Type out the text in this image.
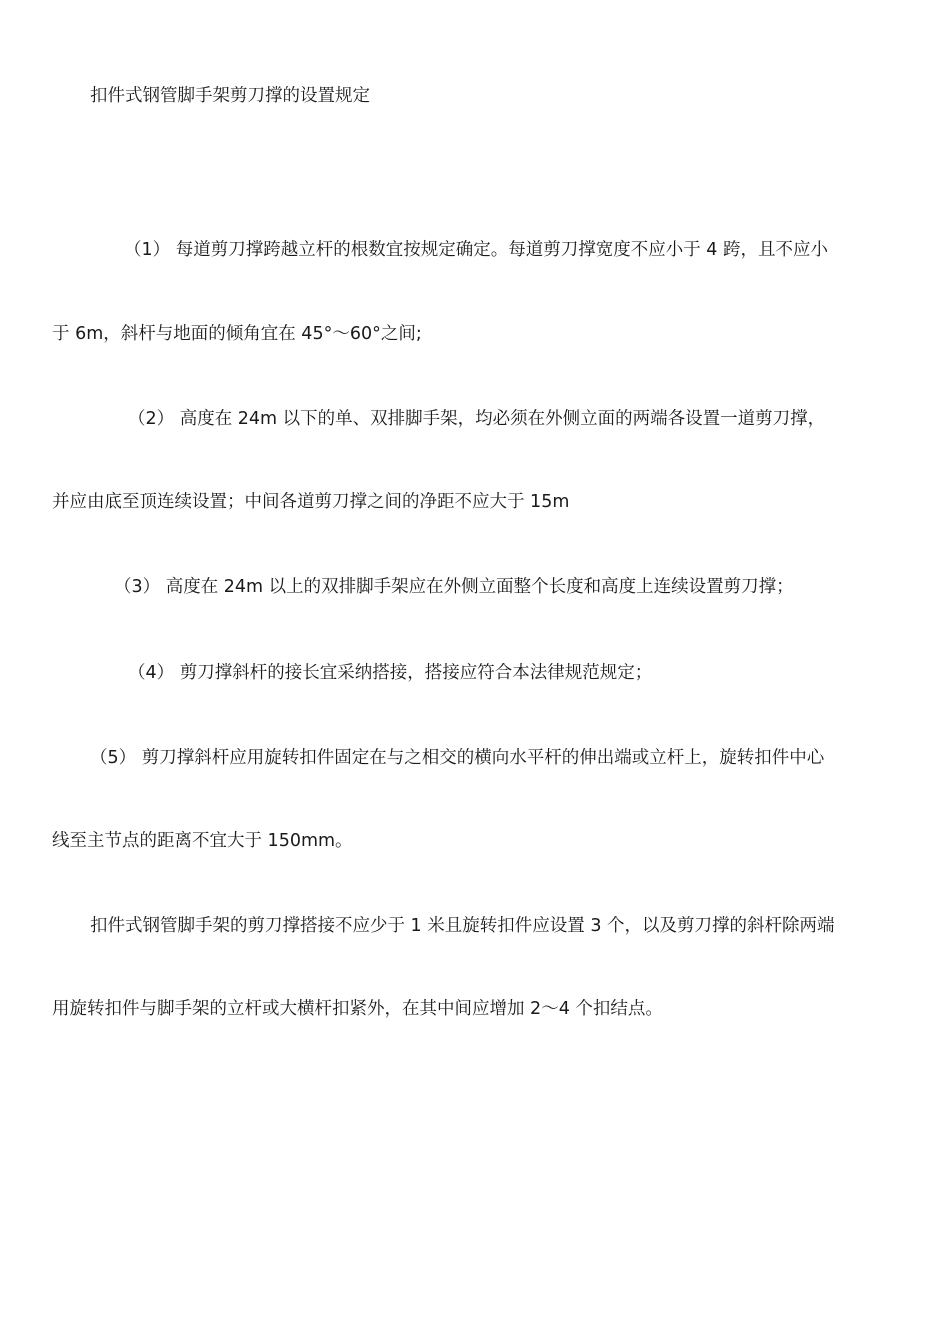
扣件式钢管脚手架剪刀撑的设置规定

（1） 每道剪刀撑跨越立杆的根数宜按规定确定。每道剪刀撑宽度不应小于 4 跨，且不应小

于 6m，斜杆与地面的倾角宜在 45°～60°之间;

（2） 高度在 24m 以下的单、双排脚手架，均必须在外侧立面的两端各设置一道剪刀撑，

并应由底至顶连续设置；中间各道剪刀撑之间的净距不应大于 15m

（3） 高度在 24m 以上的双排脚手架应在外侧立面整个长度和高度上连续设置剪刀撑；

（4） 剪刀撑斜杆的接长宜采纳搭接，搭接应符合本法律规范规定；

（5） 剪刀撑斜杆应用旋转扣件固定在与之相交的横向水平杆的伸出端或立杆上，旋转扣件中心

线至主节点的距离不宜大于 150mm。

扣件式钢管脚手架的剪刀撑搭接不应少于 1 米且旋转扣件应设置 3 个，以及剪刀撑的斜杆除两端

用旋转扣件与脚手架的立杆或大横杆扣紧外，在其中间应增加 2～4 个扣结点。
